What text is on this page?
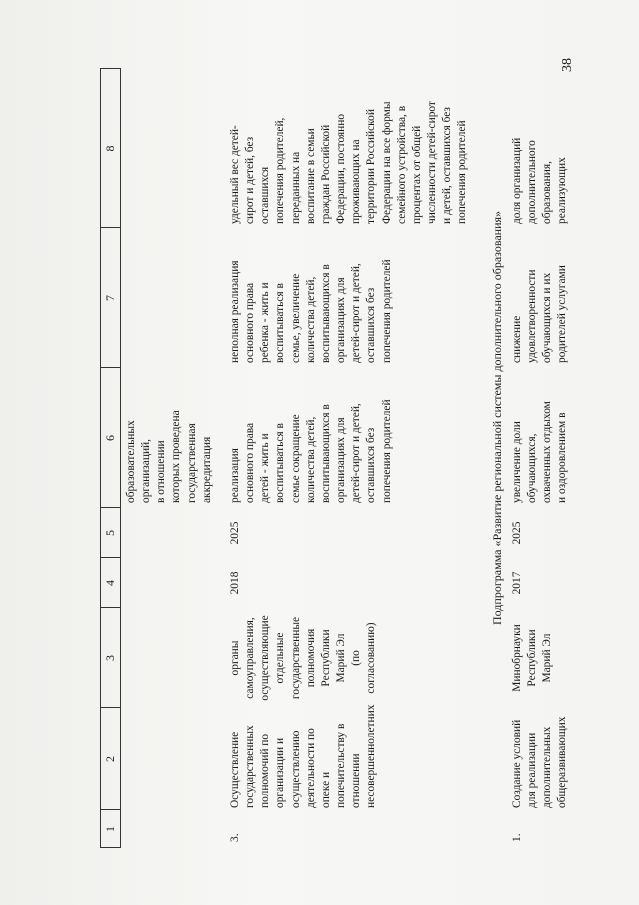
38
1
2
3
4
5
6
7
8
образовательных организаций, в отношении которых проведена государственная аккредитация
3.
Осуществление государственных полномочий по организации и осуществлению деятельности по опеке и попечительству в отношении несовершеннолетних
органы самоуправления, осуществляющие отдельные государственные полномочия Республики Марий Эл (по согласованию)
2018
2025
реализация основного права детей - жить и воспитываться в семье сокращение количества детей, воспитывающихся в организациях для детей-сирот и детей, оставшихся без попечения родителей
неполная реализация основного права ребенка - жить и воспитываться в семье, увеличение количества детей, воспитывающихся в организациях для детей-сирот и детей, оставшихся без попечения родителей
удельный вес детей- сирот и детей, без оставшихся попечения родителей, переданных на воспитание в семьи граждан Российской Федерации, постоянно проживающих на территории Российской Федерации на все формы семейного устройства, в процентах от общей численности детей-сирот и детей, оставшихся без попечения родителей
Подпрограмма «Развитие региональной системы дополнительного образования»
1.
Создание условий для реализации дополнительных общеразвивающих
Минобрнауки Республики Марий Эл
2017
2025
увеличение доли обучающихся, охваченных отдыхом и оздоровлением в
снижение удовлетворенности обучающихся и их родителей услугами
доля организаций дополнительного образования, реализующих
